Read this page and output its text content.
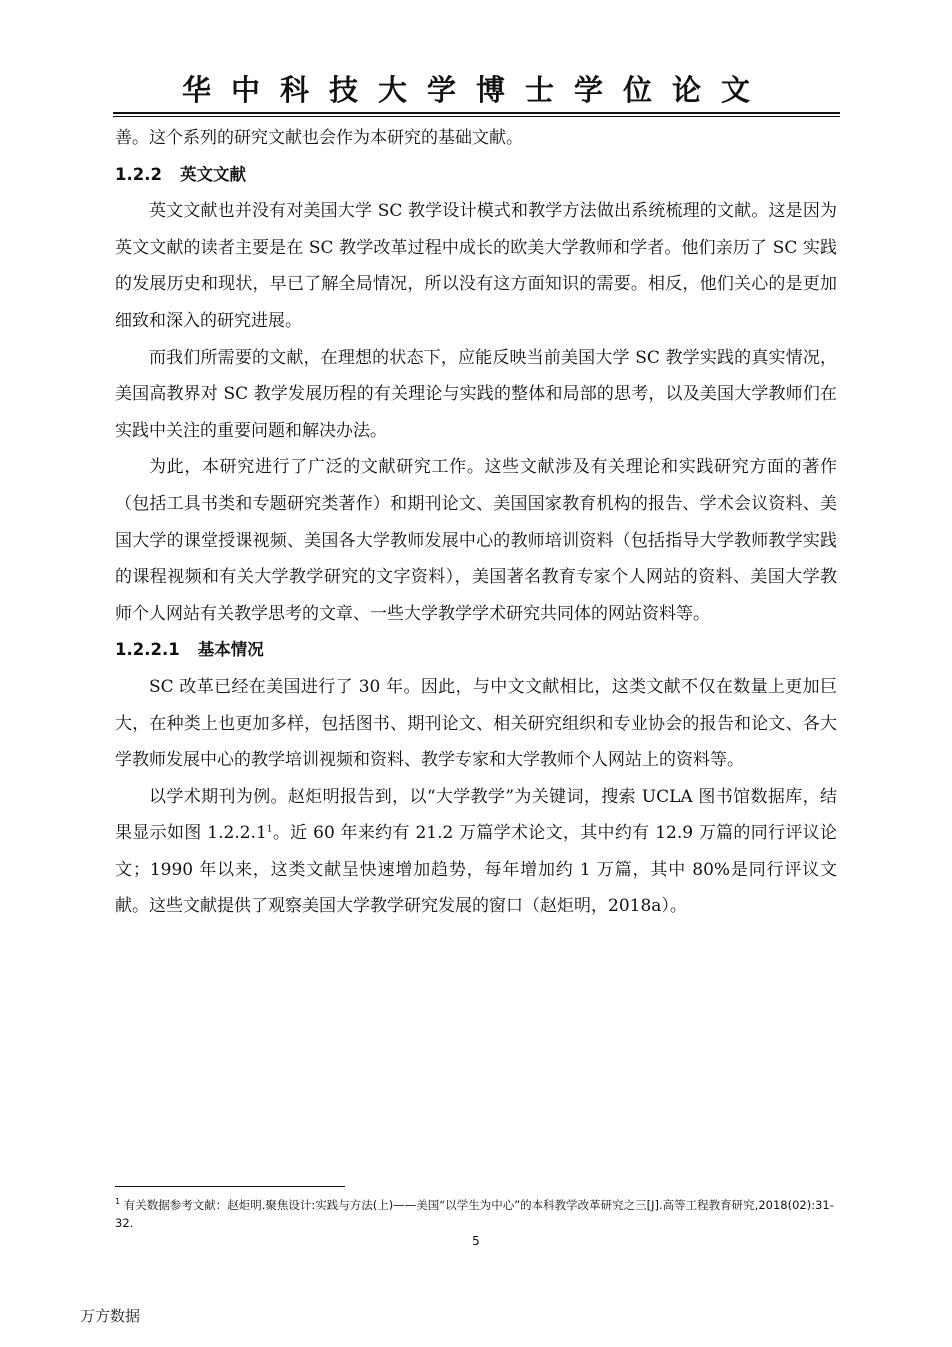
华中科技大学博士学位论文

善。这个系列的研究文献也会作为本研究的基础文献。

1.2.2 英文文献

英文文献也并没有对美国大学 SC 教学设计模式和教学方法做出系统梳理的文献。这是因为英文文献的读者主要是在 SC 教学改革过程中成长的欧美大学教师和学者。他们亲历了 SC 实践的发展历史和现状，早已了解全局情况，所以没有这方面知识的需要。相反，他们关心的是更加细致和深入的研究进展。

而我们所需要的文献，在理想的状态下，应能反映当前美国大学 SC 教学实践的真实情况，美国高教界对 SC 教学发展历程的有关理论与实践的整体和局部的思考，以及美国大学教师们在实践中关注的重要问题和解决办法。

为此，本研究进行了广泛的文献研究工作。这些文献涉及有关理论和实践研究方面的著作（包括工具书类和专题研究类著作）和期刊论文、美国国家教育机构的报告、学术会议资料、美国大学的课堂授课视频、美国各大学教师发展中心的教师培训资料（包括指导大学教师教学实践的课程视频和有关大学教学研究的文字资料），美国著名教育专家个人网站的资料、美国大学教师个人网站有关教学思考的文章、一些大学教学学术研究共同体的网站资料等。

1.2.2.1 基本情况

SC 改革已经在美国进行了 30 年。因此，与中文文献相比，这类文献不仅在数量上更加巨大，在种类上也更加多样，包括图书、期刊论文、相关研究组织和专业协会的报告和论文、各大学教师发展中心的教学培训视频和资料、教学专家和大学教师个人网站上的资料等。

以学术期刊为例。赵炬明报告到，以“大学教学”为关键词，搜索 UCLA 图书馆数据库，结果显示如图 1.2.2.1$^1$。近 60 年来约有 21.2 万篇学术论文，其中约有 12.9 万篇的同行评议论文；1990 年以来，这类文献呈快速增加趋势，每年增加约 1 万篇，其中 80%是同行评议文献。这些文献提供了观察美国大学教学研究发展的窗口（赵炬明，2018a）。

$^1$ 有关数据参考文献：赵炬明.聚焦设计:实践与方法(上)——美国“以学生为中心”的本科教学改革研究之三[J].高等工程教育研究,2018(02):31-32.
5
万方数据
